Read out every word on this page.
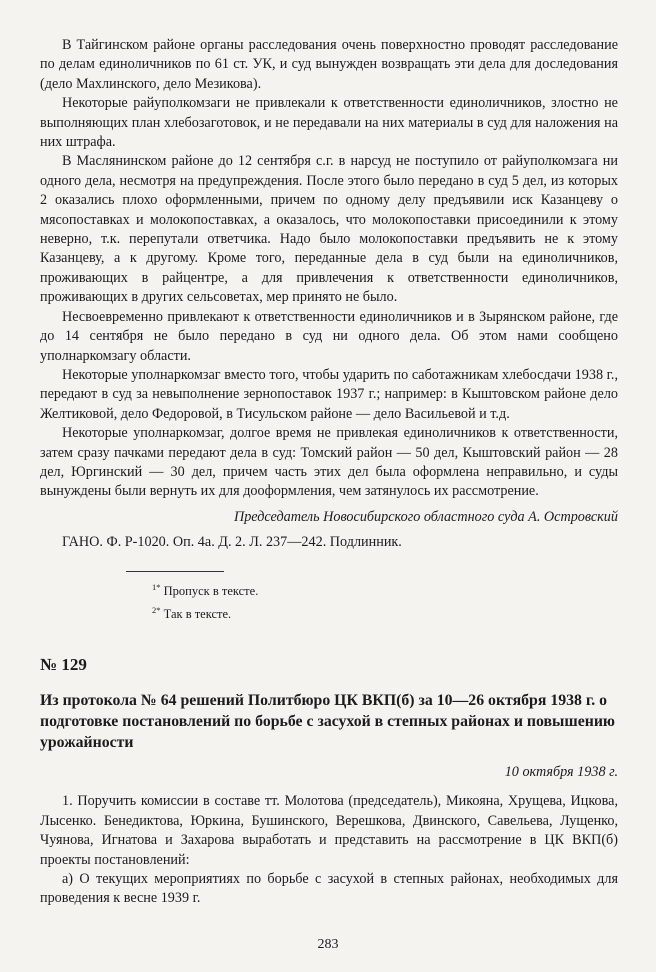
В Тайгинском районе органы расследования очень поверхностно проводят расследование по делам единоличников по 61 ст. УК, и суд вынужден возвращать эти дела для доследования (дело Махлинского, дело Мезикова).

Некоторые райуполкомзаги не привлекали к ответственности единоличников, злостно не выполняющих план хлебозаготовок, и не передавали на них материалы в суд для наложения на них штрафа.

В Маслянинском районе до 12 сентября с.г. в нарсуд не поступило от райуполкомзага ни одного дела, несмотря на предупреждения. После этого было передано в суд 5 дел, из которых 2 оказались плохо оформленными, причем по одному делу предъявили иск Казанцеву о мясопоставках и молокопоставках, а оказалось, что молокопоставки присоединили к этому неверно, т.к. перепутали ответчика. Надо было молокопоставки предъявить не к этому Казанцеву, а к другому. Кроме того, переданные дела в суд были на единоличников, проживающих в райцентре, а для привлечения к ответственности единоличников, проживающих в других сельсоветах, мер принято не было.

Несвоевременно привлекают к ответственности единоличников и в Зырянском районе, где до 14 сентября не было передано в суд ни одного дела. Об этом нами сообщено уполнаркомзагу области.

Некоторые уполнаркомзаг вместо того, чтобы ударить по саботажникам хлебосдачи 1938 г., передают в суд за невыполнение зернопоставок 1937 г.; например: в Кыштовском районе дело Желтиковой, дело Федоровой, в Тисульском районе — дело Васильевой и т.д.

Некоторые уполнаркомзаг, долгое время не привлекая единоличников к ответственности, затем сразу пачками передают дела в суд: Томский район — 50 дел, Кыштовский район — 28 дел, Юргинский — 30 дел, причем часть этих дел была оформлена неправильно, и суды вынуждены были вернуть их для дооформления, чем затянулось их рассмотрение.

Председатель Новосибирского областного суда А. Островский

ГАНО. Ф. Р-1020. Оп. 4а. Д. 2. Л. 237—242. Подлинник.

$^{1*}$ Пропуск в тексте.

$^{2*}$ Так в тексте.

№ 129

Из протокола № 64 решений Политбюро ЦК ВКП(б) за 10—26 октября 1938 г. о подготовке постановлений по борьбе с засухой в степных районах и повышению урожайности

10 октября 1938 г.

1. Поручить комиссии в составе тт. Молотова (председатель), Микояна, Хрущева, Ицкова, Лысенко. Бенедиктова, Юркина, Бушинского, Верешкова, Двинского, Савельева, Лущенко, Чуянова, Игнатова и Захарова выработать и представить на рассмотрение в ЦК ВКП(б) проекты постановлений:

а) О текущих мероприятиях по борьбе с засухой в степных районах, необходимых для проведения к весне 1939 г.

283
